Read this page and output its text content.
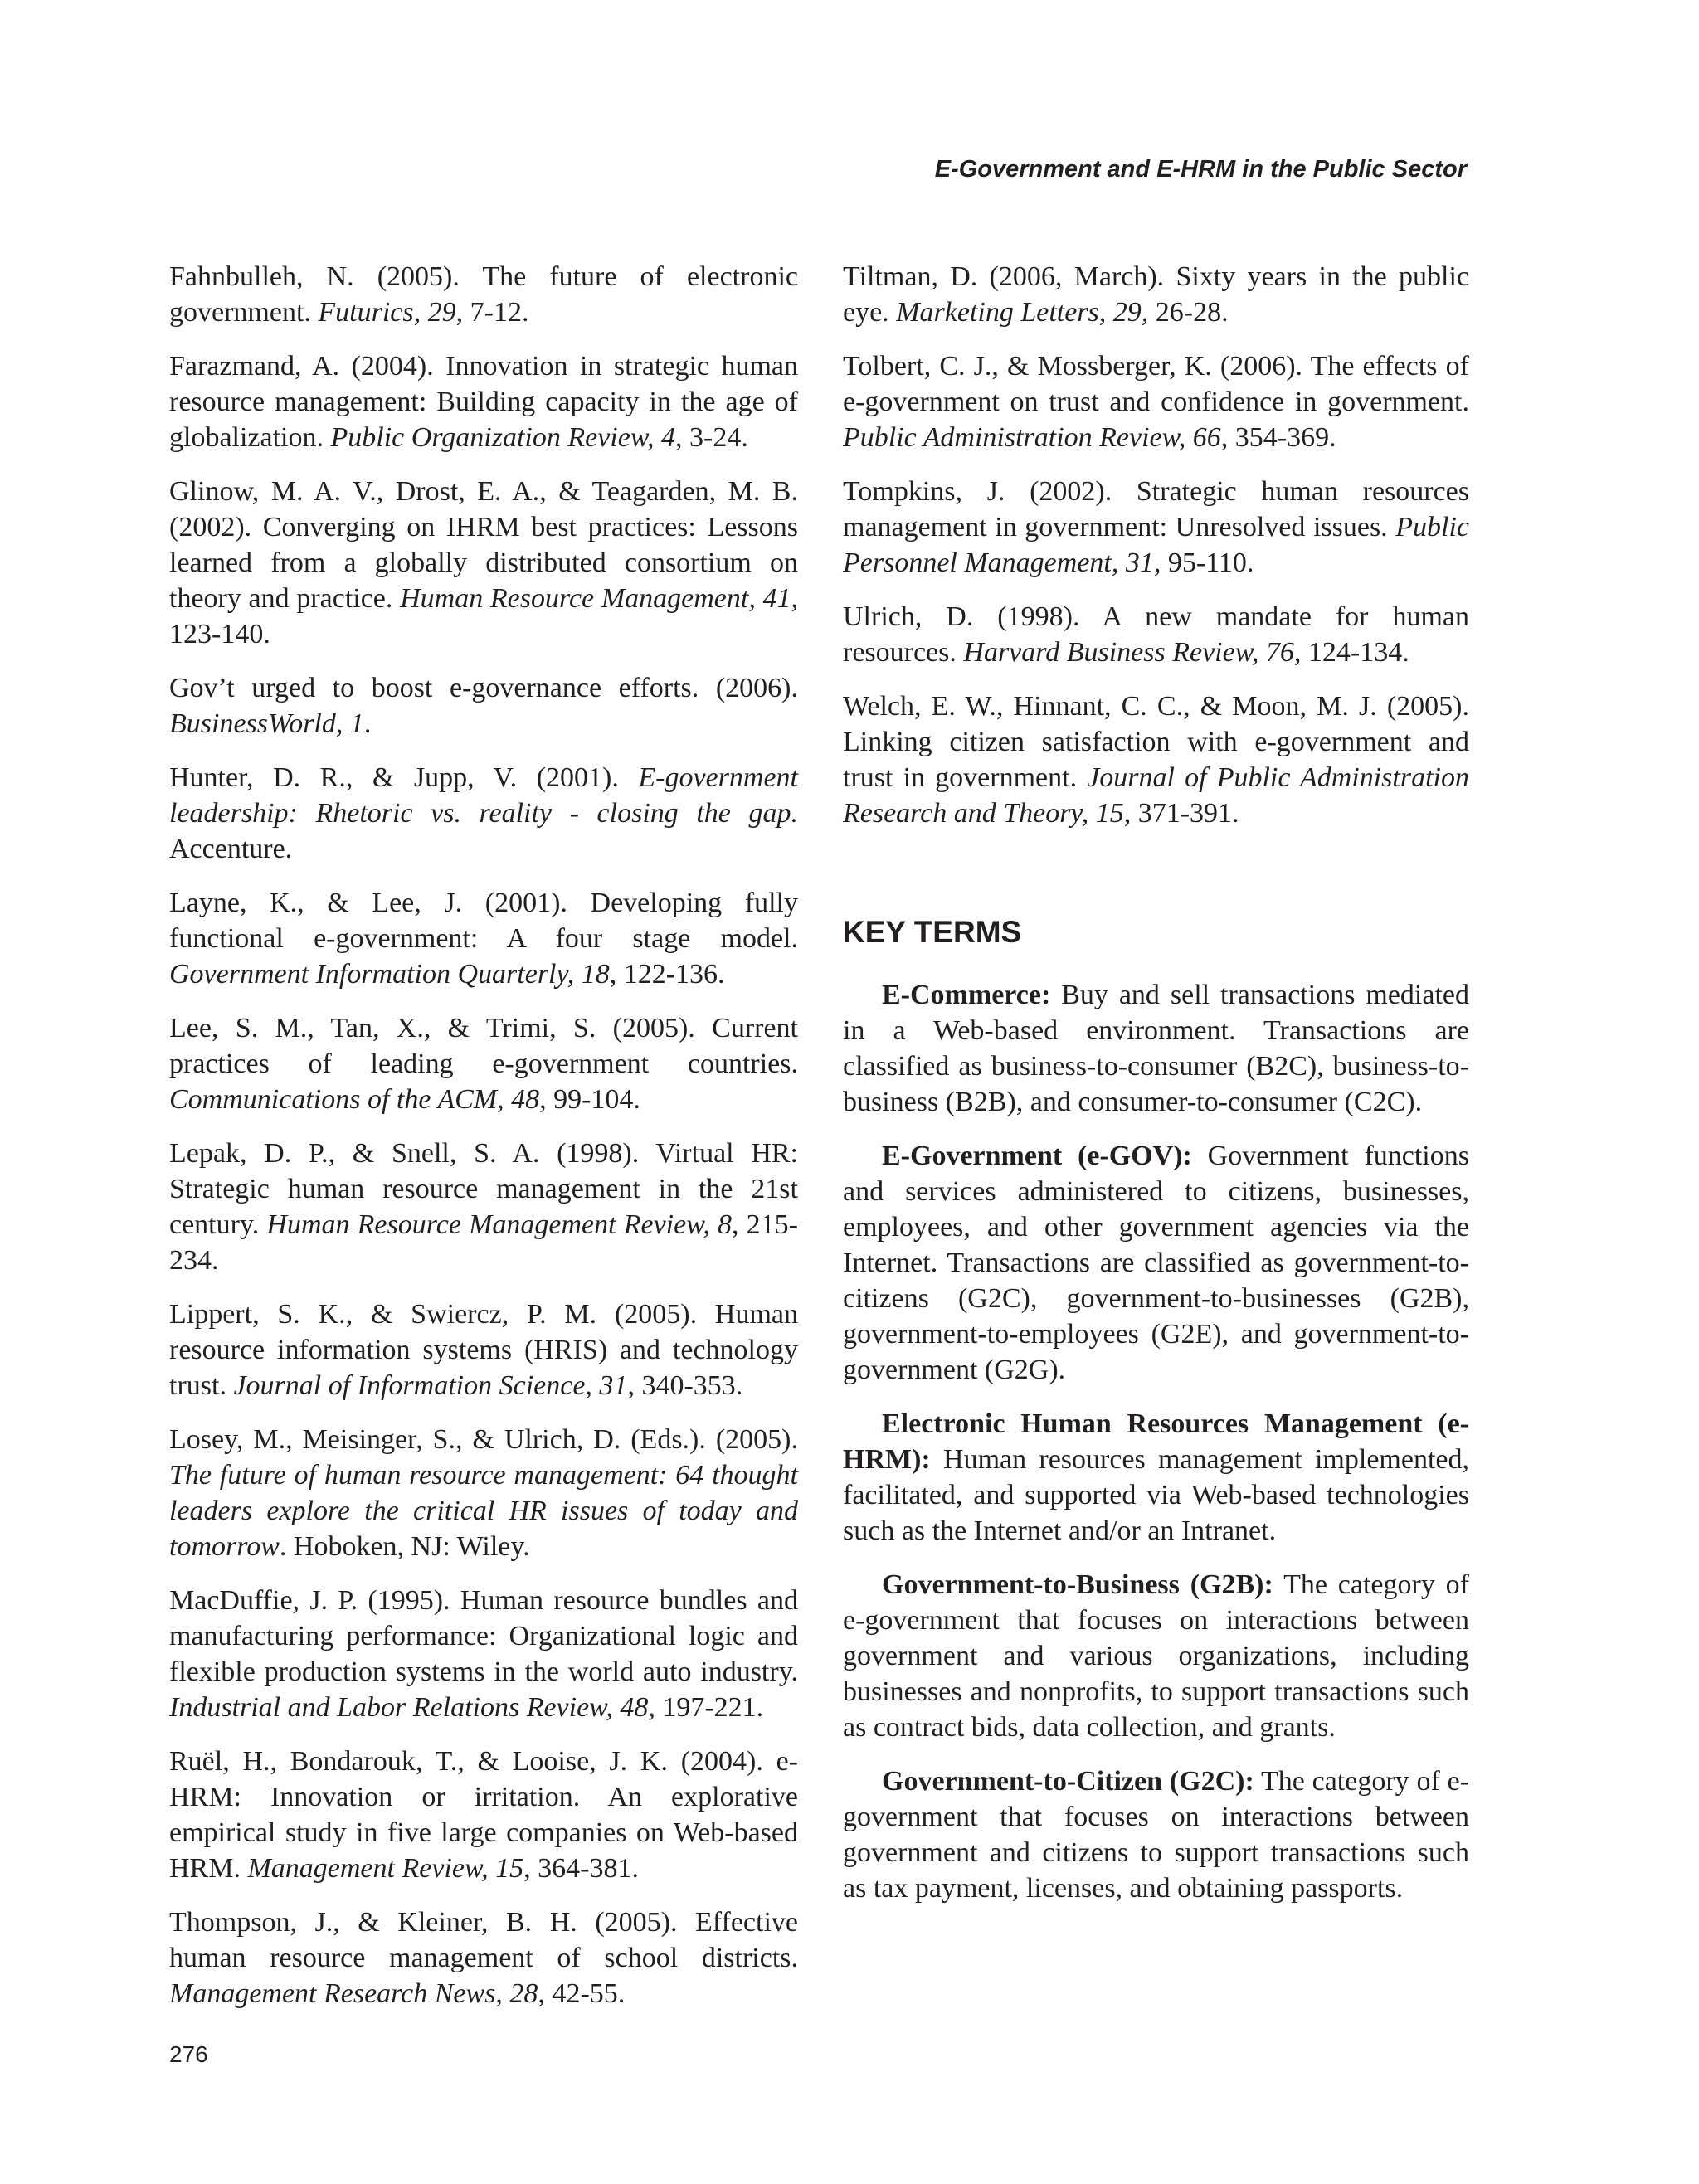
E-Government and E-HRM in the Public Sector

Fahnbulleh, N. (2005). The future of electronic government. Futurics, 29, 7-12.

Farazmand, A. (2004). Innovation in strategic human resource management: Building capacity in the age of globalization. Public Organization Review, 4, 3-24.

Glinow, M. A. V., Drost, E. A., & Teagarden, M. B. (2002). Converging on IHRM best practices: Lessons learned from a globally distributed consortium on theory and practice. Human Resource Management, 41, 123-140.

Gov’t urged to boost e-governance efforts. (2006). BusinessWorld, 1.

Hunter, D. R., & Jupp, V. (2001). E-government leadership: Rhetoric vs. reality - closing the gap. Accenture.

Layne, K., & Lee, J. (2001). Developing fully functional e-government: A four stage model. Government Information Quarterly, 18, 122-136.

Lee, S. M., Tan, X., & Trimi, S. (2005). Current practices of leading e-government countries. Communications of the ACM, 48, 99-104.

Lepak, D. P., & Snell, S. A. (1998). Virtual HR: Strategic human resource management in the 21st century. Human Resource Management Review, 8, 215-234.

Lippert, S. K., & Swiercz, P. M. (2005). Human resource information systems (HRIS) and technology trust. Journal of Information Science, 31, 340-353.

Losey, M., Meisinger, S., & Ulrich, D. (Eds.). (2005). The future of human resource management: 64 thought leaders explore the critical HR issues of today and tomorrow. Hoboken, NJ: Wiley.

MacDuffie, J. P. (1995). Human resource bundles and manufacturing performance: Organizational logic and flexible production systems in the world auto industry. Industrial and Labor Relations Review, 48, 197-221.

Ruël, H., Bondarouk, T., & Looise, J. K. (2004). e-HRM: Innovation or irritation. An explorative empirical study in five large companies on Web-based HRM. Management Review, 15, 364-381.

Thompson, J., & Kleiner, B. H. (2005). Effective human resource management of school districts. Management Research News, 28, 42-55.

Tiltman, D. (2006, March). Sixty years in the public eye. Marketing Letters, 29, 26-28.

Tolbert, C. J., & Mossberger, K. (2006). The effects of e-government on trust and confidence in government. Public Administration Review, 66, 354-369.

Tompkins, J. (2002). Strategic human resources management in government: Unresolved issues. Public Personnel Management, 31, 95-110.

Ulrich, D. (1998). A new mandate for human resources. Harvard Business Review, 76, 124-134.

Welch, E. W., Hinnant, C. C., & Moon, M. J. (2005). Linking citizen satisfaction with e-government and trust in government. Journal of Public Administration Research and Theory, 15, 371-391.

KEY TERMS

E-Commerce: Buy and sell transactions mediated in a Web-based environment. Transactions are classified as business-to-consumer (B2C), business-to-business (B2B), and consumer-to-consumer (C2C).

E-Government (e-GOV): Government functions and services administered to citizens, businesses, employees, and other government agencies via the Internet. Transactions are classified as government-to-citizens (G2C), government-to-businesses (G2B), government-to-employees (G2E), and government-to-government (G2G).

Electronic Human Resources Management (e-HRM): Human resources management implemented, facilitated, and supported via Web-based technologies such as the Internet and/or an Intranet.

Government-to-Business (G2B): The category of e-government that focuses on interactions between government and various organizations, including businesses and nonprofits, to support transactions such as contract bids, data collection, and grants.

Government-to-Citizen (G2C): The category of e-government that focuses on interactions between government and citizens to support transactions such as tax payment, licenses, and obtaining passports.

276
